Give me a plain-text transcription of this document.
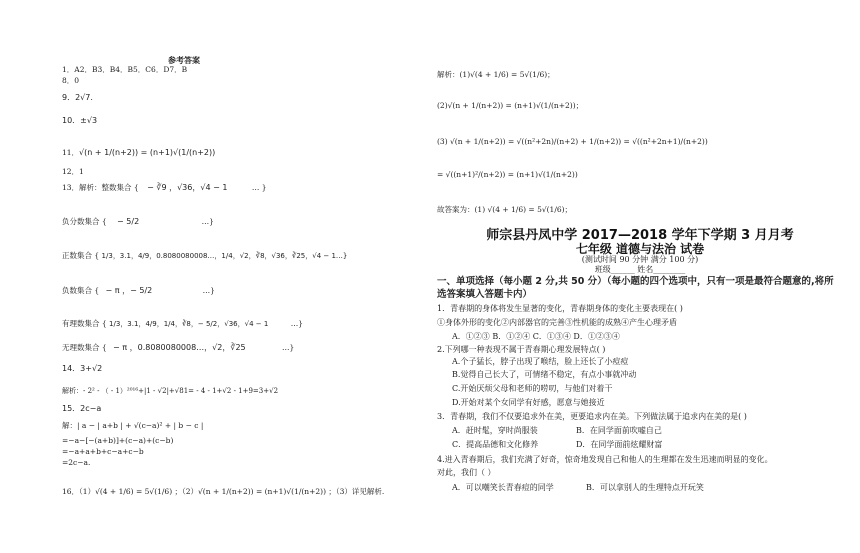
参考答案
1．A2．B3．B4．B5．C6．D7．B
8．0
9．2√7.
10．±√3
11．√(n + 1/(n+2)) = (n+1)√(1/(n+2))
12．1
13．解析：整数集合 { − ∛9 ，√36，√4 − 1	… }
负分数集合 { − 5/2	…}
正数集合 { 1/3，3.1，4/9，0.8080080008…，1/4，√2，∛8，√36，∛25，√4 − 1…}
负数集合 { − π ，− 5/2	…}
有理数集合 { 1/3，3.1，4/9，1/4，∛8，− 5/2，√36，√4 − 1	…}
无理数集合 { − π ，0.8080080008…，√2，∛25	…}
14．3+√2
解析：- 2² - （ - 1）²⁰¹⁶+|1 - √2|+√81= - 4 - 1+√2 - 1+9=3+√2
15．2c−a
解：| a − | a+b | + √(c−a)² + | b − c |
=−a−[−(a+b)]+(c−a)+(c−b)
=−a+a+b+c−a+c−b
=2c−a.
16．（1）√(4 + 1/6) = 5√(1/6) ；（2）√(n + 1/(n+2)) = (n+1)√(1/(n+2)) ；（3）详见解析.
解析：(1)√(4 + 1/6) = 5√(1/6)；
(2)√(n + 1/(n+2)) = (n+1)√(1/(n+2))；
(3) √(n + 1/(n+2)) = √((n²+2n)/(n+2) + 1/(n+2)) = √((n²+2n+1)/(n+2))
= √((n+1)²/(n+2)) = (n+1)√(1/(n+2))
故答案为：(1) √(4 + 1/6) = 5√(1/6)；
师宗县丹凤中学 2017—2018 学年下学期 3 月月考
七年级 道德与法治 试卷
(测试时间 90 分钟 满分 100 分)
班级______ 姓名________
一、单项选择（每小题 2 分,共 50 分）（每小题的四个选项中，只有一项是最符合题意的,将所选答案填入答题卡内）
1．青春期的身体将发生显著的变化，青春期身体的变化主要表现在( )
①身体外形的变化②内部器官的完善③性机能的成熟④产生心理矛盾
A．①②③ B．①②④ C．①③④ D．①②③④
2.下列哪一种表现不属于青春期心理发展特点( )
A.个子猛长，脖子出现了喉结，脸上还长了小痘痘
B.觉得自己长大了，可情绪不稳定，有点小事就冲动
C.开始厌烦父母和老师的唠叨，与他们对着干
D.开始对某个女同学有好感，愿意与她接近
3．青春期，我们不仅要追求外在美，更要追求内在美。下列做法属于追求内在美的是( )
A．赶时髦，穿时尚服装	B．在同学面前吹嘘自己
C．提高品德和文化修养	D．在同学面前炫耀财富
4.进入青春期后，我们充满了好奇，惊奇地发现自己和他人的生理都在发生迅速而明显的变化。
对此，我们（ ）
A．可以嘲笑长青春痘的同学	B．可以拿别人的生理特点开玩笑
